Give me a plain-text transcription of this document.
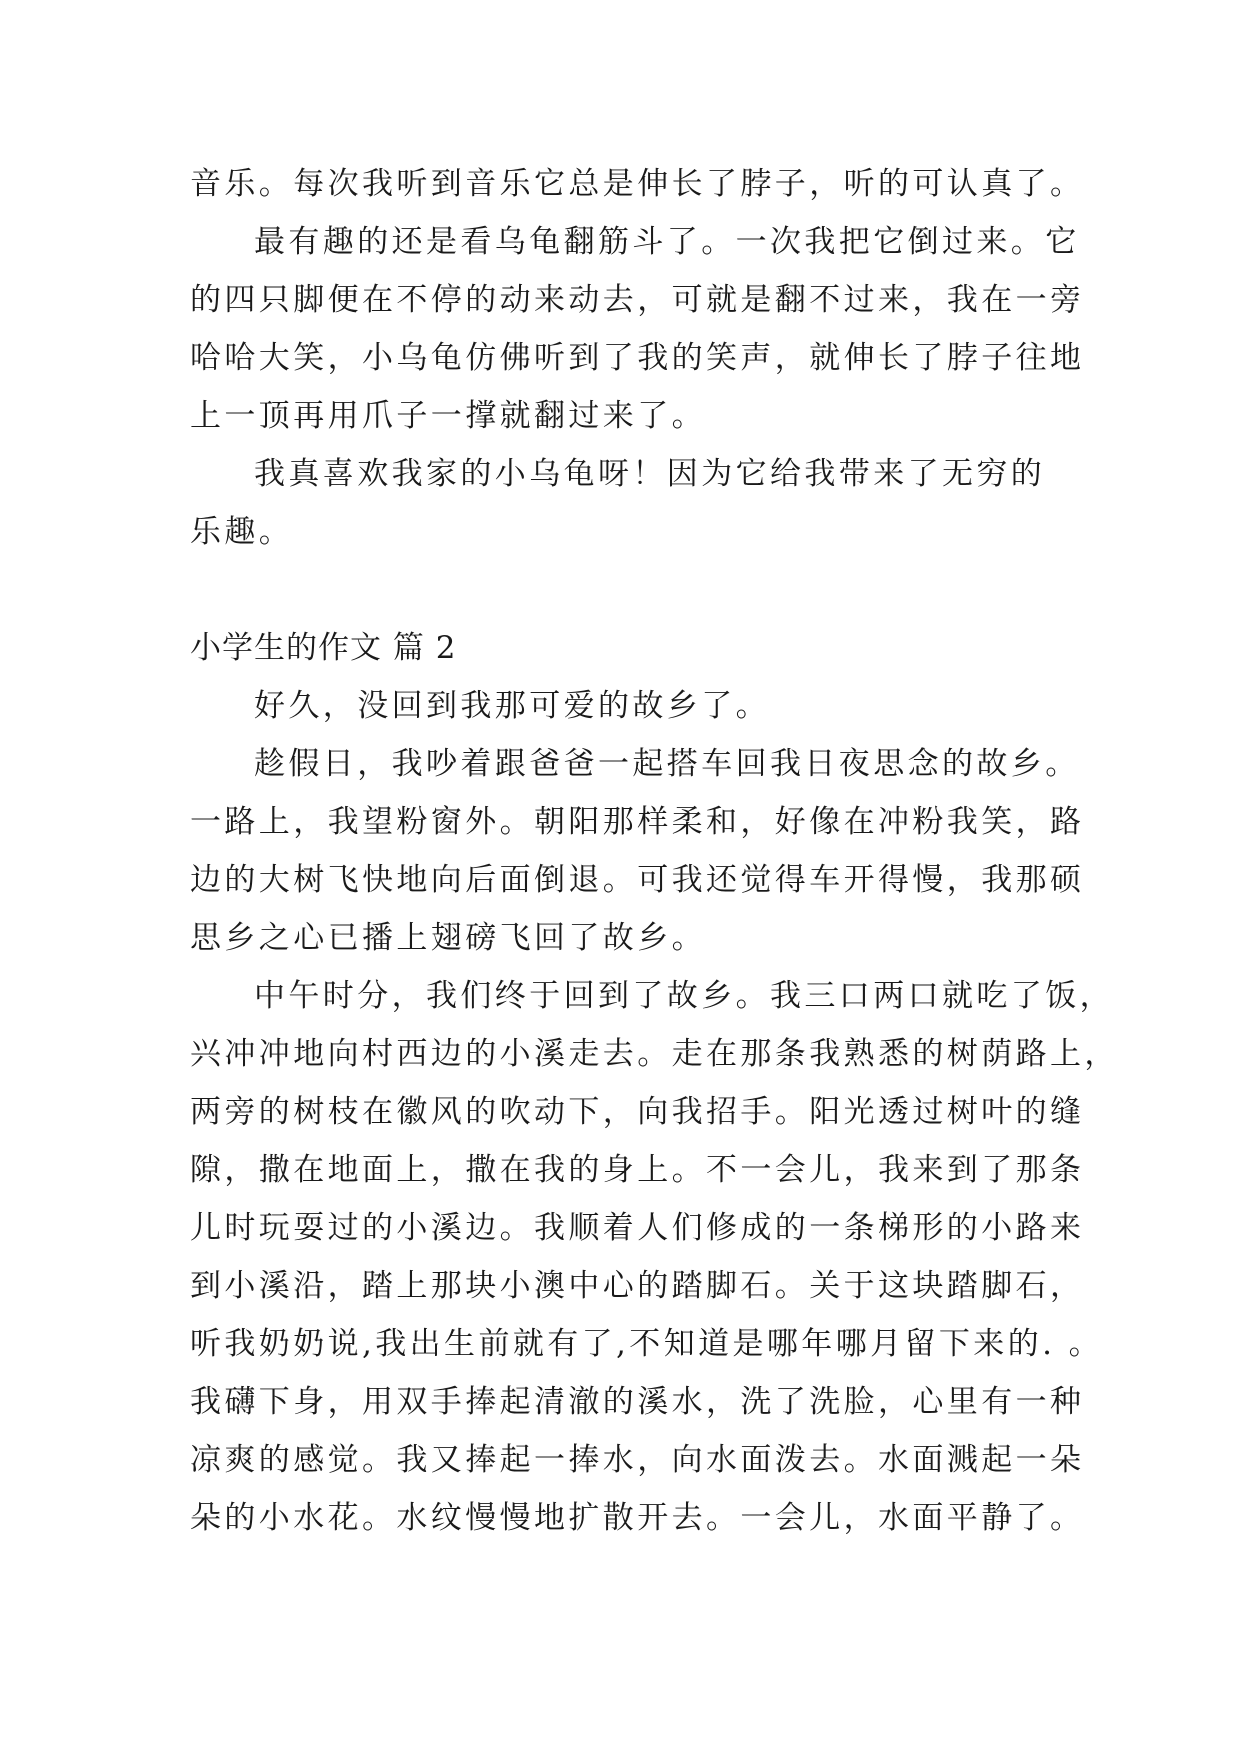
音乐。每次我听到音乐它总是伸长了脖子，听的可认真了。
最有趣的还是看乌龟翻筋斗了。一次我把它倒过来。它
的四只脚便在不停的动来动去，可就是翻不过来，我在一旁
哈哈大笑，小乌龟仿佛听到了我的笑声，就伸长了脖子往地
上一顶再用爪子一撑就翻过来了。
我真喜欢我家的小乌龟呀！因为它给我带来了无穷的
乐趣。
小学生的作文 篇 2
好久，没回到我那可爱的故乡了。
趁假日，我吵着跟爸爸一起搭车回我日夜思念的故乡。
一路上，我望粉窗外。朝阳那样柔和，好像在冲粉我笑，路
边的大树飞快地向后面倒退。可我还觉得车开得慢，我那硕
思乡之心已播上翅磅飞回了故乡。
中午时分，我们终于回到了故乡。我三口两口就吃了饭，
兴冲冲地向村西边的小溪走去。走在那条我熟悉的树荫路上，
两旁的树枝在徽风的吹动下，向我招手。阳光透过树叶的缝
隙，撒在地面上，撒在我的身上。不一会儿，我来到了那条
儿时玩耍过的小溪边。我顺着人们修成的一条梯形的小路来
到小溪沿，踏上那块小澳中心的踏脚石。关于这块踏脚石，
听我奶奶说,我出生前就有了,不知道是哪年哪月留下来的. 。
我礴下身，用双手捧起清澈的溪水，洗了洗脸，心里有一种
凉爽的感觉。我又捧起一捧水，向水面泼去。水面溅起一朵
朵的小水花。水纹慢慢地扩散开去。一会儿，水面平静了。
